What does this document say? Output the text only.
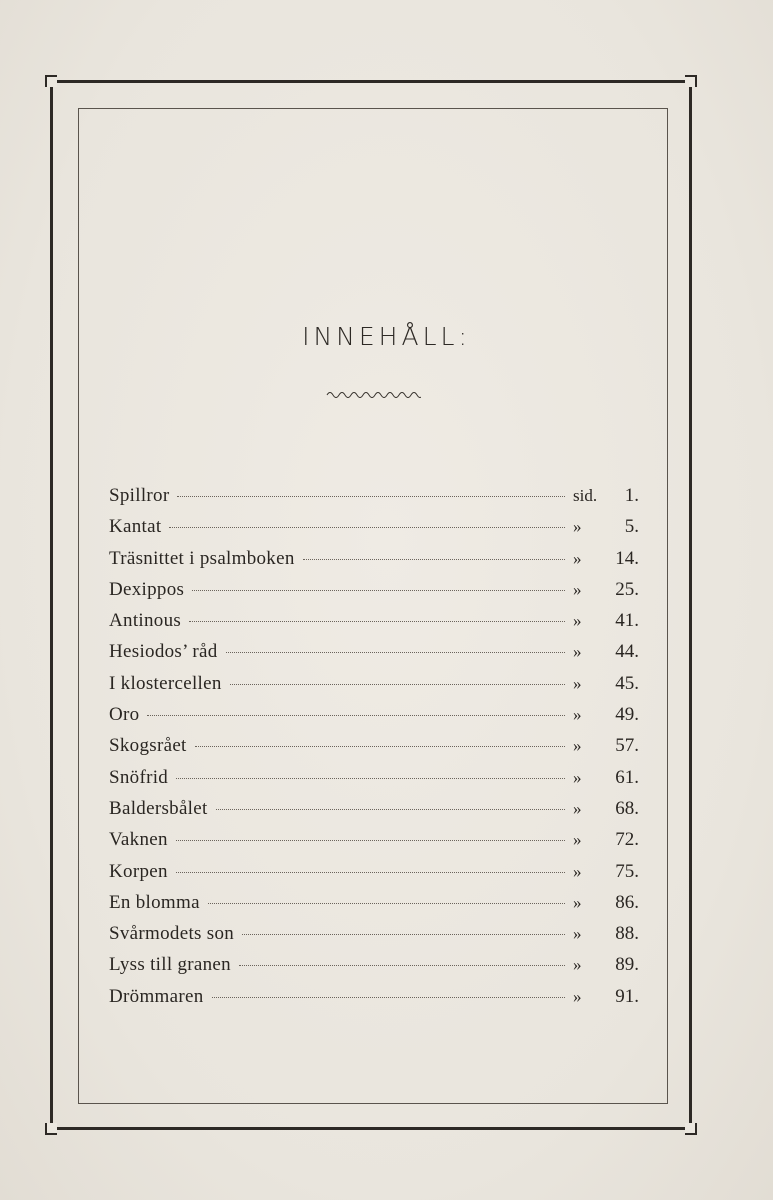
INNEHÅLL:
Spillror	sid.	1.
Kantat	»	5.
Träsnittet i psalmboken	»	14.
Dexippos	»	25.
Antinous	»	41.
Hesiodos’ råd	»	44.
I klostercellen	»	45.
Oro	»	49.
Skogsrået	»	57.
Snöfrid	»	61.
Baldersbålet	»	68.
Vaknen	»	72.
Korpen	»	75.
En blomma	»	86.
Svårmodets son	»	88.
Lyss till granen	»	89.
Drömmaren	»	91.
